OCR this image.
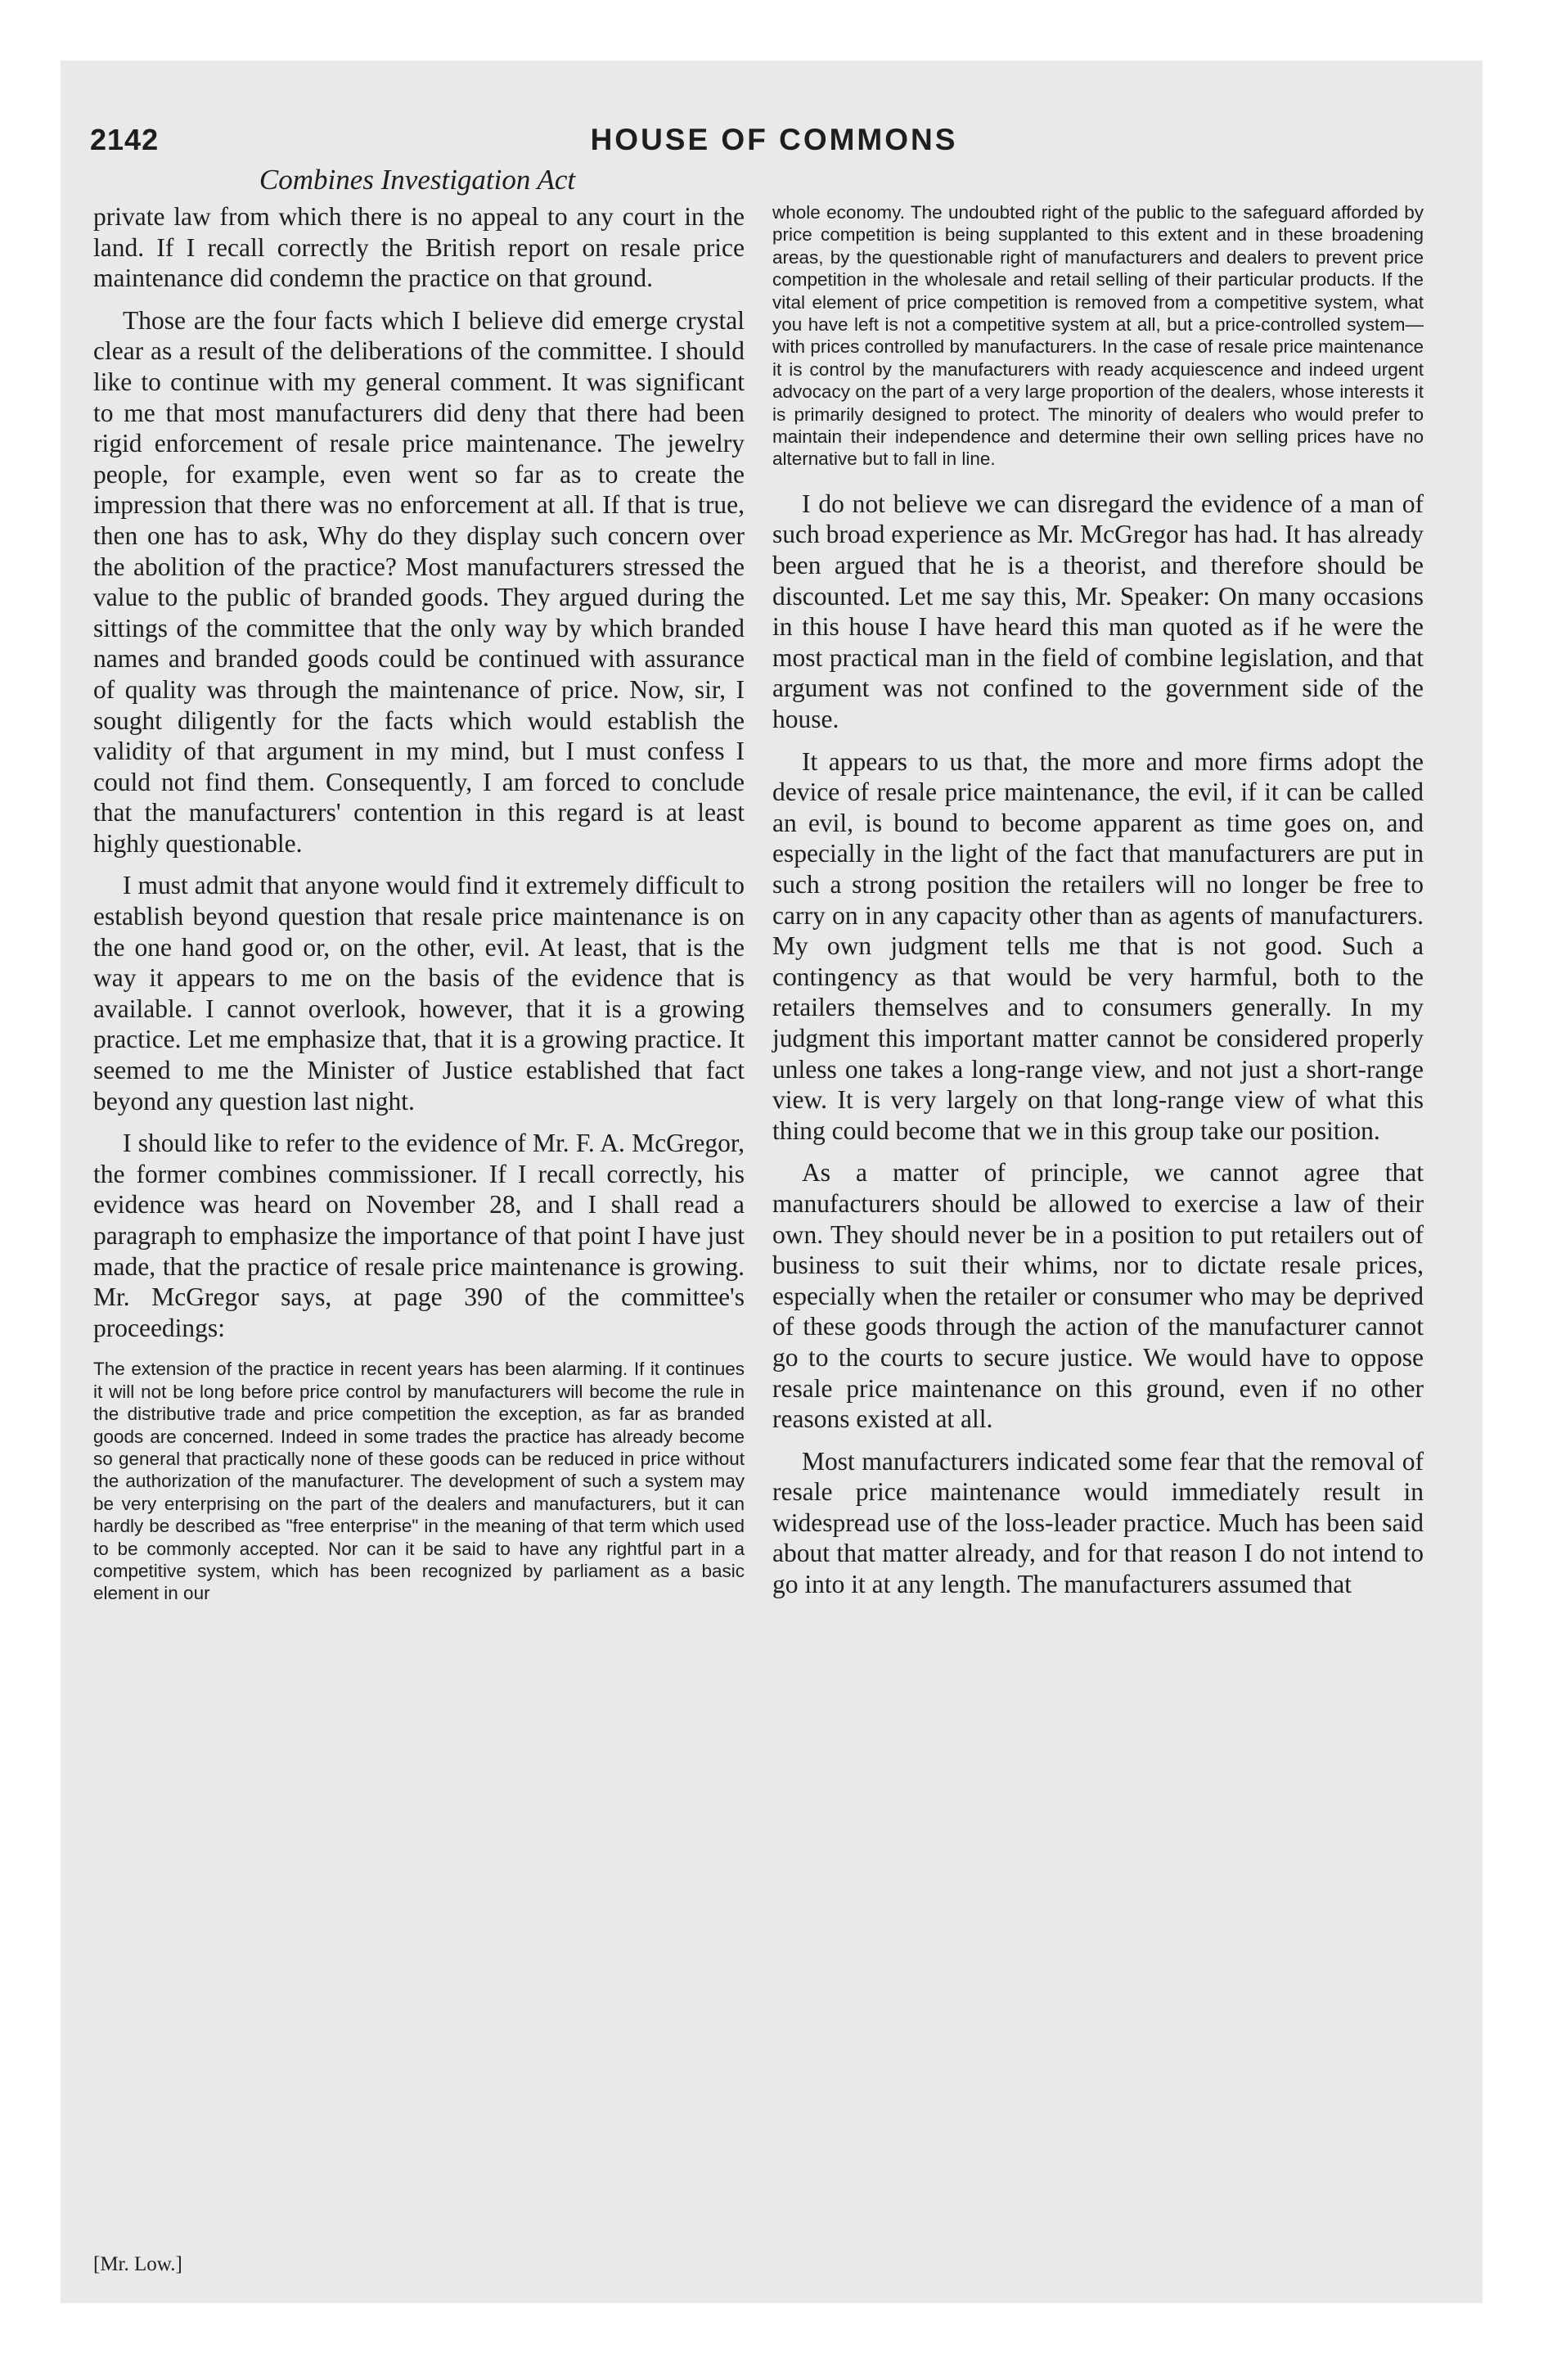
2142	HOUSE OF COMMONS
Combines Investigation Act

private law from which there is no appeal to any court in the land. If I recall correctly the British report on resale price maintenance did condemn the practice on that ground.

Those are the four facts which I believe did emerge crystal clear as a result of the deliberations of the committee. I should like to continue with my general comment. It was significant to me that most manufacturers did deny that there had been rigid enforcement of resale price maintenance. The jewelry people, for example, even went so far as to create the impression that there was no enforcement at all. If that is true, then one has to ask, Why do they display such concern over the abolition of the practice? Most manufacturers stressed the value to the public of branded goods. They argued during the sittings of the committee that the only way by which branded names and branded goods could be continued with assurance of quality was through the maintenance of price. Now, sir, I sought diligently for the facts which would establish the validity of that argument in my mind, but I must confess I could not find them. Consequently, I am forced to conclude that the manufacturers' contention in this regard is at least highly questionable.

I must admit that anyone would find it extremely difficult to establish beyond question that resale price maintenance is on the one hand good or, on the other, evil. At least, that is the way it appears to me on the basis of the evidence that is available. I cannot overlook, however, that it is a growing practice. Let me emphasize that, that it is a growing practice. It seemed to me the Minister of Justice established that fact beyond any question last night.

I should like to refer to the evidence of Mr. F. A. McGregor, the former combines commissioner. If I recall correctly, his evidence was heard on November 28, and I shall read a paragraph to emphasize the importance of that point I have just made, that the practice of resale price maintenance is growing. Mr. McGregor says, at page 390 of the committee's proceedings:

The extension of the practice in recent years has been alarming. If it continues it will not be long before price control by manufacturers will become the rule in the distributive trade and price competition the exception, as far as branded goods are concerned. Indeed in some trades the practice has already become so general that practically none of these goods can be reduced in price without the authorization of the manufacturer. The development of such a system may be very enterprising on the part of the dealers and manufacturers, but it can hardly be described as "free enterprise" in the meaning of that term which used to be commonly accepted. Nor can it be said to have any rightful part in a competitive system, which has been recognized by parliament as a basic element in our

whole economy. The undoubted right of the public to the safeguard afforded by price competition is being supplanted to this extent and in these broadening areas, by the questionable right of manufacturers and dealers to prevent price competition in the wholesale and retail selling of their particular products. If the vital element of price competition is removed from a competitive system, what you have left is not a competitive system at all, but a price-controlled system—with prices controlled by manufacturers. In the case of resale price maintenance it is control by the manufacturers with ready acquiescence and indeed urgent advocacy on the part of a very large proportion of the dealers, whose interests it is primarily designed to protect. The minority of dealers who would prefer to maintain their independence and determine their own selling prices have no alternative but to fall in line.

I do not believe we can disregard the evidence of a man of such broad experience as Mr. McGregor has had. It has already been argued that he is a theorist, and therefore should be discounted. Let me say this, Mr. Speaker: On many occasions in this house I have heard this man quoted as if he were the most practical man in the field of combine legislation, and that argument was not confined to the government side of the house.

It appears to us that, the more and more firms adopt the device of resale price maintenance, the evil, if it can be called an evil, is bound to become apparent as time goes on, and especially in the light of the fact that manufacturers are put in such a strong position the retailers will no longer be free to carry on in any capacity other than as agents of manufacturers. My own judgment tells me that is not good. Such a contingency as that would be very harmful, both to the retailers themselves and to consumers generally. In my judgment this important matter cannot be considered properly unless one takes a long-range view, and not just a short-range view. It is very largely on that long-range view of what this thing could become that we in this group take our position.

As a matter of principle, we cannot agree that manufacturers should be allowed to exercise a law of their own. They should never be in a position to put retailers out of business to suit their whims, nor to dictate resale prices, especially when the retailer or consumer who may be deprived of these goods through the action of the manufacturer cannot go to the courts to secure justice. We would have to oppose resale price maintenance on this ground, even if no other reasons existed at all.

Most manufacturers indicated some fear that the removal of resale price maintenance would immediately result in widespread use of the loss-leader practice. Much has been said about that matter already, and for that reason I do not intend to go into it at any length. The manufacturers assumed that

[Mr. Low.]
